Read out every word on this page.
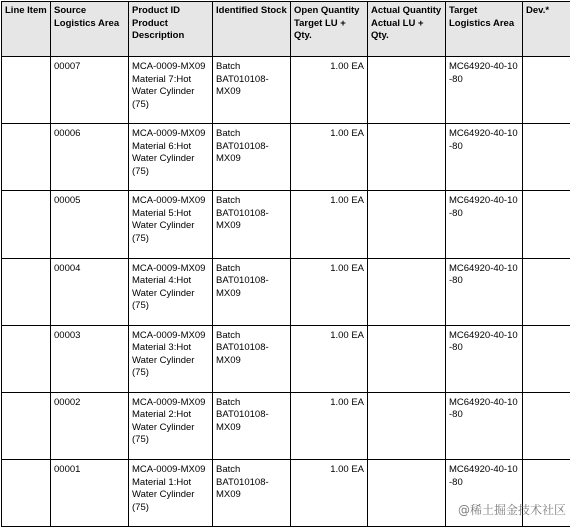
Line Item	Source Logistics Area	Product ID Product Description	Identified Stock	Open Quantity Target LU + Qty.	Actual Quantity Actual LU + Qty.	Target Logistics Area	Dev.*
	00007	MCA-0009-MX09 Material 7:Hot Water Cylinder (75)	Batch BAT010108-MX09	1.00 EA		MC64920-40-10-80	
	00006	MCA-0009-MX09 Material 6:Hot Water Cylinder (75)	Batch BAT010108-MX09	1.00 EA		MC64920-40-10-80	
	00005	MCA-0009-MX09 Material 5:Hot Water Cylinder (75)	Batch BAT010108-MX09	1.00 EA		MC64920-40-10-80	
	00004	MCA-0009-MX09 Material 4:Hot Water Cylinder (75)	Batch BAT010108-MX09	1.00 EA		MC64920-40-10-80	
	00003	MCA-0009-MX09 Material 3:Hot Water Cylinder (75)	Batch BAT010108-MX09	1.00 EA		MC64920-40-10-80	
	00002	MCA-0009-MX09 Material 2:Hot Water Cylinder (75)	Batch BAT010108-MX09	1.00 EA		MC64920-40-10-80	
	00001	MCA-0009-MX09 Material 1:Hot Water Cylinder (75)	Batch BAT010108-MX09	1.00 EA		MC64920-40-10-80	
@稀土掘金技术社区
